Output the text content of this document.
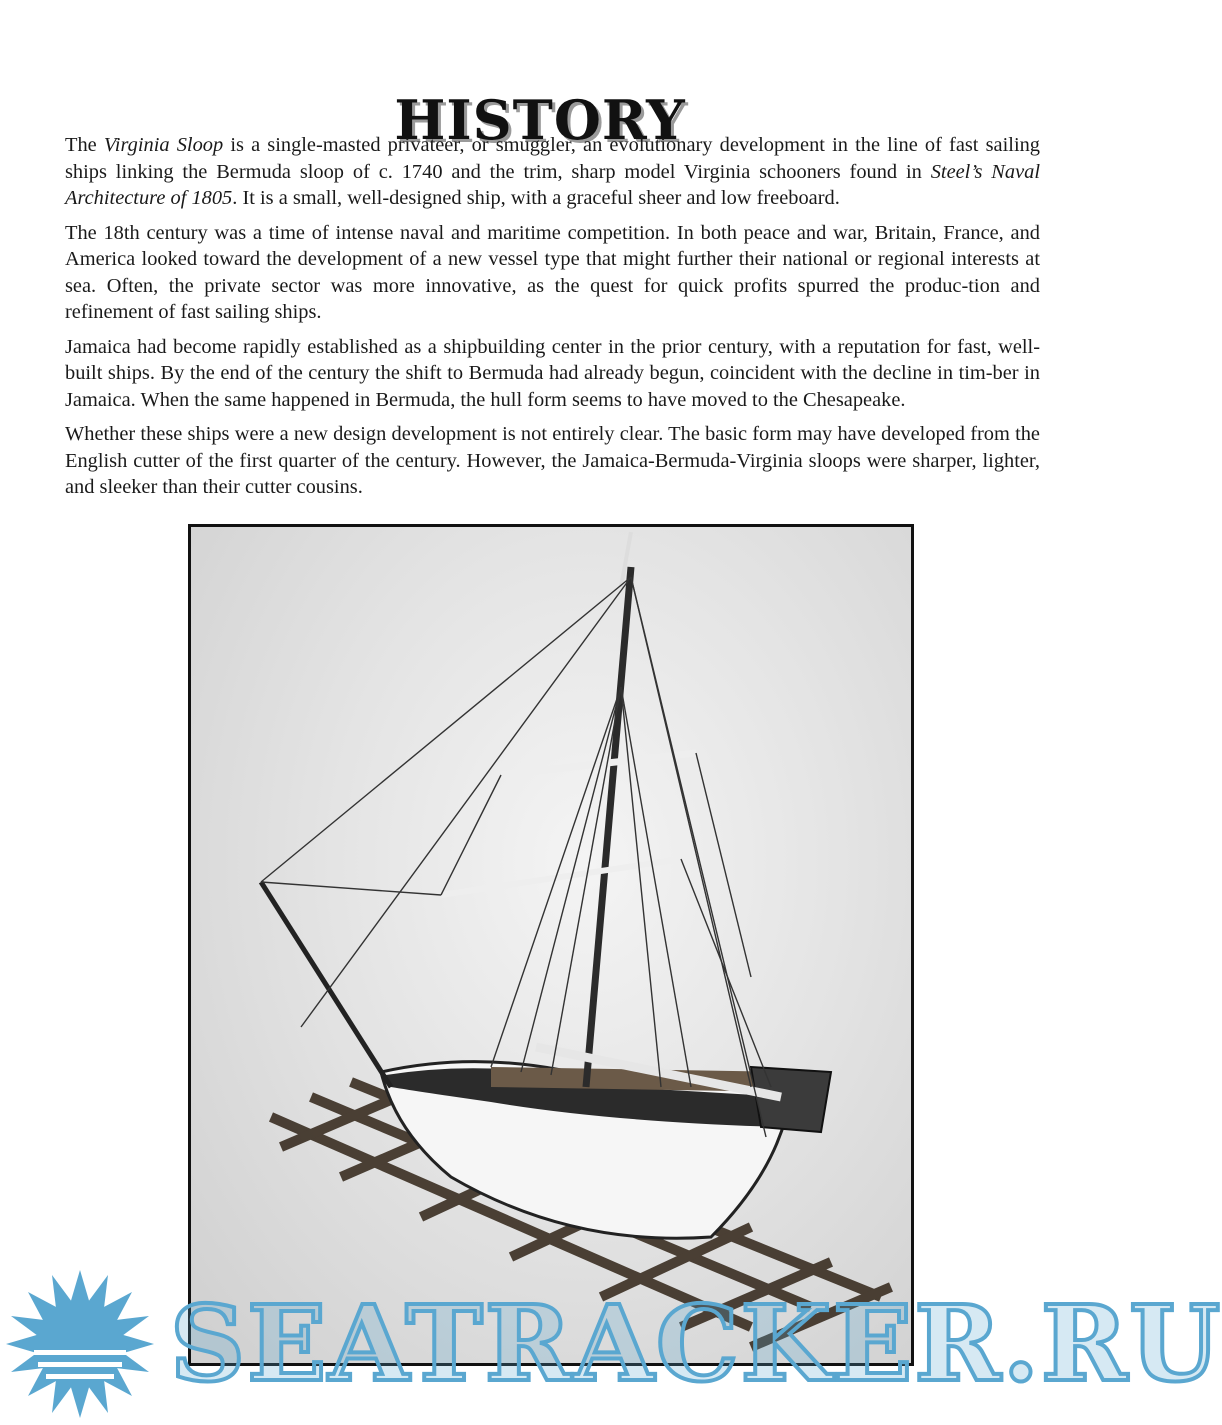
HISTORY

The Virginia Sloop is a single-masted privateer, or smuggler, an evolutionary development in the line of fast sailing ships linking the Bermuda sloop of c. 1740 and the trim, sharp model Virginia schooners found in Steel’s Naval Architecture of 1805. It is a small, well-designed ship, with a graceful sheer and low freeboard.

The 18th century was a time of intense naval and maritime competition. In both peace and war, Britain, France, and America looked toward the development of a new vessel type that might further their national or regional interests at sea. Often, the private sector was more innovative, as the quest for quick profits spurred the produc-tion and refinement of fast sailing ships.

Jamaica had become rapidly established as a shipbuilding center in the prior century, with a reputation for fast, well-built ships. By the end of the century the shift to Bermuda had already begun, coincident with the decline in tim-ber in Jamaica. When the same happened in Bermuda, the hull form seems to have moved to the Chesapeake.

Whether these ships were a new design development is not entirely clear. The basic form may have developed from the English cutter of the first quarter of the century. However, the Jamaica-Bermuda-Virginia sloops were sharper, lighter, and sleeker than their cutter cousins.

SEATRACKER.RU
